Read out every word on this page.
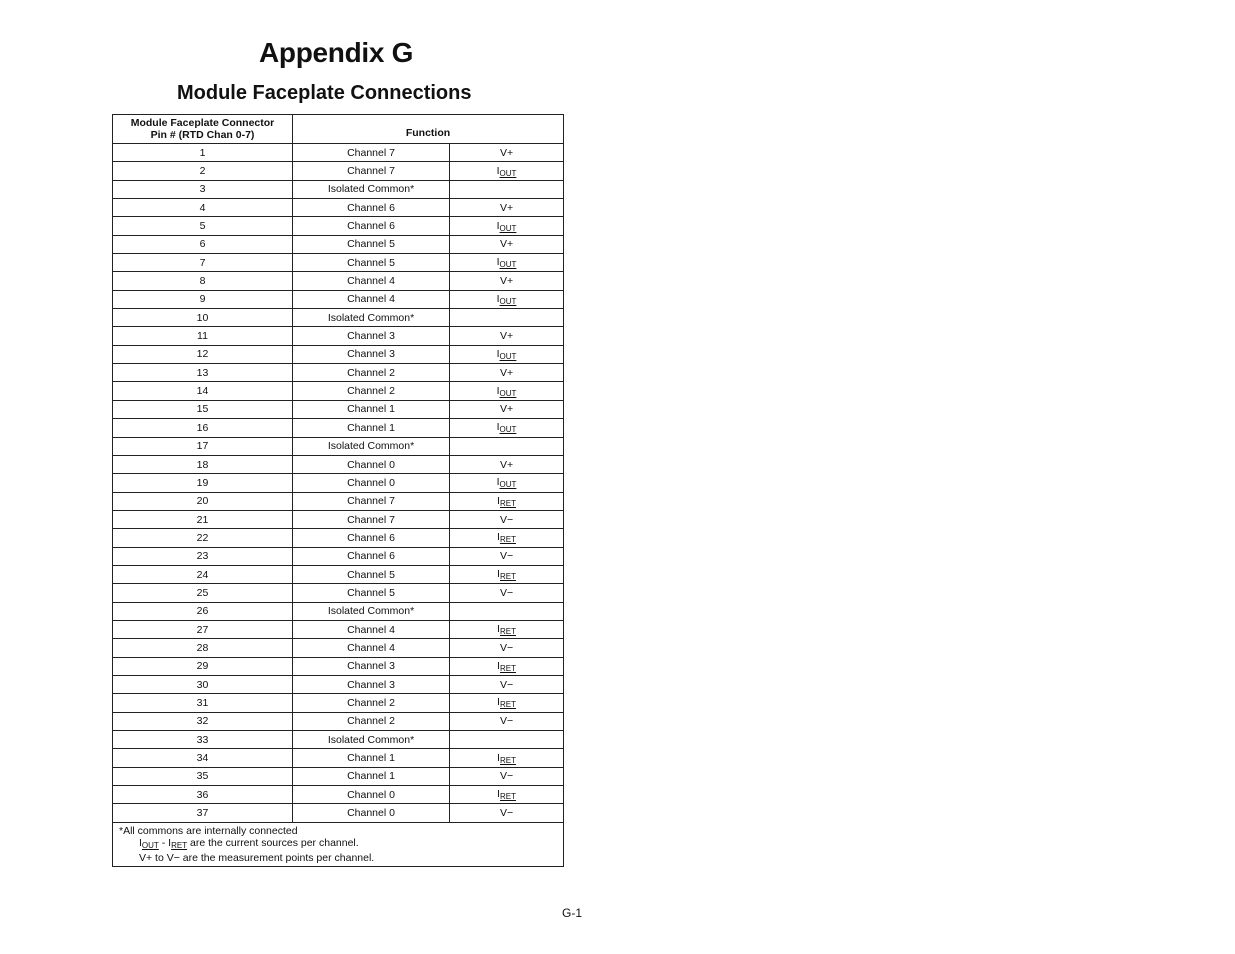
Appendix G
Module Faceplate Connections
Module Faceplate Connector
Pin # (RTD Chan 0-7)	Function	
1	Channel 7	V+
2	Channel 7	$I_{OUT}$
3	Isolated Common*	
4	Channel 6	V+
5	Channel 6	$I_{OUT}$
6	Channel 5	V+
7	Channel 5	$I_{OUT}$
8	Channel 4	V+
9	Channel 4	$I_{OUT}$
10	Isolated Common*	
11	Channel 3	V+
12	Channel 3	$I_{OUT}$
13	Channel 2	V+
14	Channel 2	$I_{OUT}$
15	Channel 1	V+
16	Channel 1	$I_{OUT}$
17	Isolated Common*	
18	Channel 0	V+
19	Channel 0	$I_{OUT}$
20	Channel 7	$I_{RET}$
21	Channel 7	V−
22	Channel 6	$I_{RET}$
23	Channel 6	V−
24	Channel 5	$I_{RET}$
25	Channel 5	V−
26	Isolated Common*	
27	Channel 4	$I_{RET}$
28	Channel 4	V−
29	Channel 3	$I_{RET}$
30	Channel 3	V−
31	Channel 2	$I_{RET}$
32	Channel 2	V−
33	Isolated Common*	
34	Channel 1	$I_{RET}$
35	Channel 1	V−
36	Channel 0	$I_{RET}$
37	Channel 0	V−
*All commons are internally connected

$I_{OUT} - I_{RET}$ are the current sources per channel.
V+ to V− are the measurement points per channel.		
G-1
